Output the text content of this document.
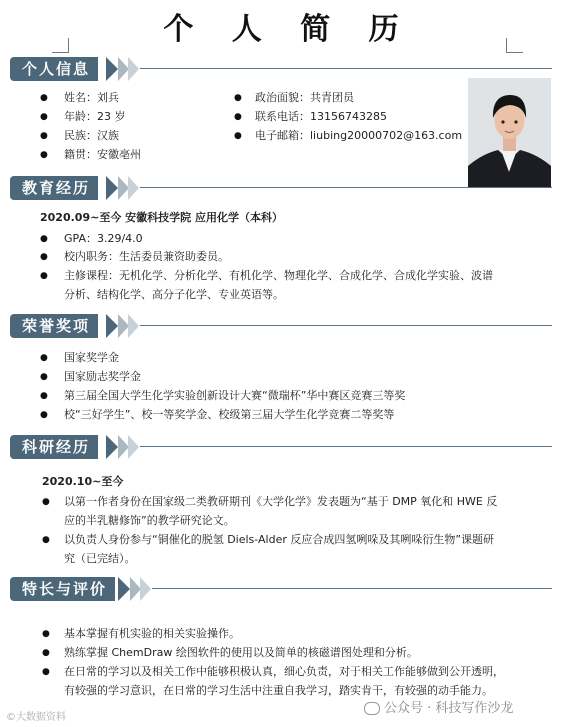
个 人 简 历
个人信息
● 姓名：刘兵
● 年龄：23 岁
● 民族：汉族
● 籍贯：安徽亳州
● 政治面貌：共青团员
● 联系电话：13156743285
● 电子邮箱：liubing20000702@163.com
教育经历
2020.09~至今 安徽科技学院 应用化学（本科）
● GPA：3.29/4.0
● 校内职务：生活委员兼资助委员。
● 主修课程：无机化学、分析化学、有机化学、物理化学、合成化学、合成化学实验、波谱
分析、结构化学、高分子化学、专业英语等。
荣誉奖项
● 国家奖学金
● 国家励志奖学金
● 第三届全国大学生化学实验创新设计大赛“微瑞杯”华中赛区竞赛三等奖
● 校“三好学生”、校一等奖学金、校级第三届大学生化学竞赛二等奖等
科研经历
2020.10~至今
● 以第一作者身份在国家级二类教研期刊《大学化学》发表题为“基于 DMP 氧化和 HWE 反
应的半乳糖修饰”的教学研究论文。
● 以负责人身份参与“铜催化的脱氢 Diels-Alder 反应合成四氢咧哚及其咧哚衍生物”课题研
究（已完结）。
特长与评价
● 基本掌握有机实验的相关实验操作。
● 熟练掌握 ChemDraw 绘图软件的使用以及简单的核磁谱图处理和分析。
● 在日常的学习以及相关工作中能够积极认真，细心负责，对于相关工作能够做到公开透明，
有较强的学习意识，在日常的学习生活中注重自我学习，踏实肯干，有较强的动手能力。
©大数据资料
公众号 · 科技写作沙龙
